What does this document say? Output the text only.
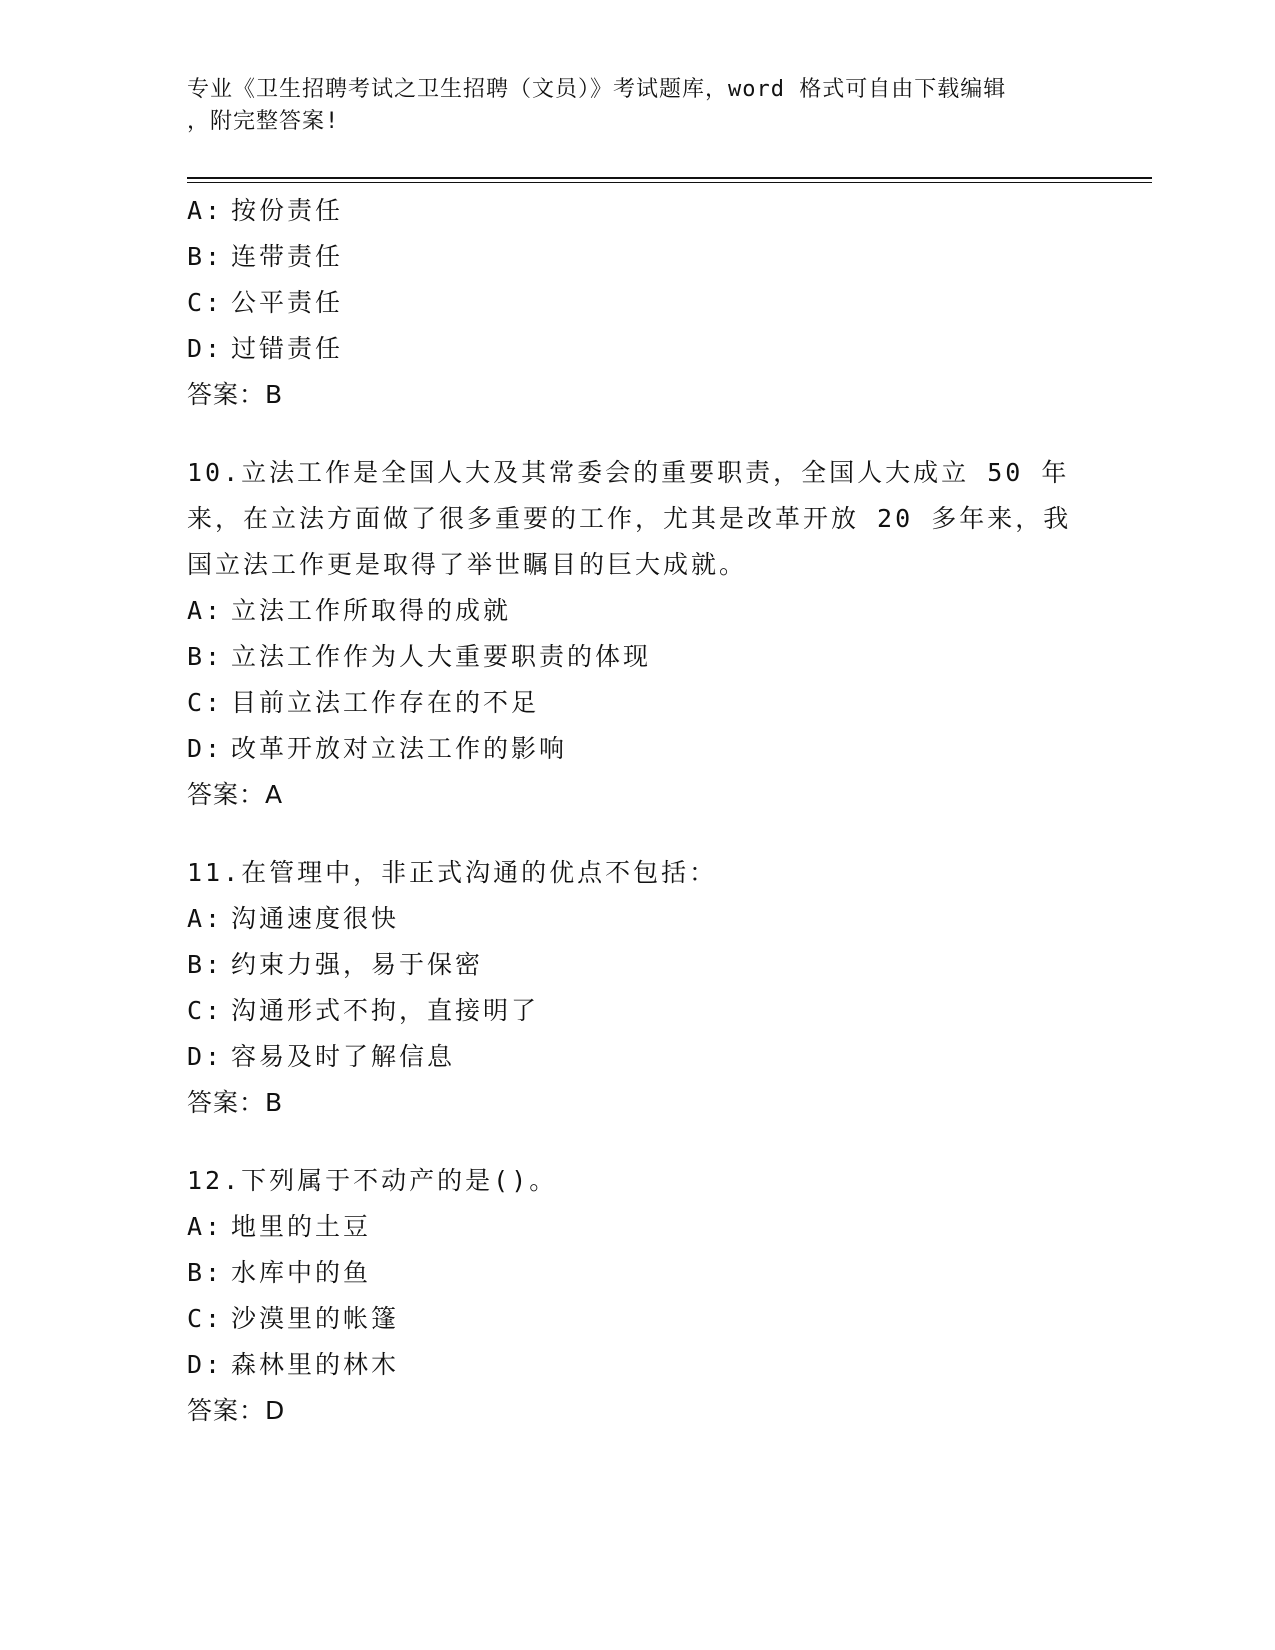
专业《卫生招聘考试之卫生招聘（文员）》考试题库，word 格式可自由下载编辑
，附完整答案!
A: 按份责任
B: 连带责任
C: 公平责任
D: 过错责任
答案：B
10.立法工作是全国人大及其常委会的重要职责，全国人大成立 50 年
来，在立法方面做了很多重要的工作，尤其是改革开放 20 多年来，我
国立法工作更是取得了举世瞩目的巨大成就。
A: 立法工作所取得的成就
B: 立法工作作为人大重要职责的体现
C: 目前立法工作存在的不足
D: 改革开放对立法工作的影响
答案：A
11.在管理中，非正式沟通的优点不包括：
A: 沟通速度很快
B: 约束力强，易于保密
C: 沟通形式不拘，直接明了
D: 容易及时了解信息
答案：B
12.下列属于不动产的是()。
A: 地里的土豆
B: 水库中的鱼
C: 沙漠里的帐篷
D: 森林里的林木
答案：D
